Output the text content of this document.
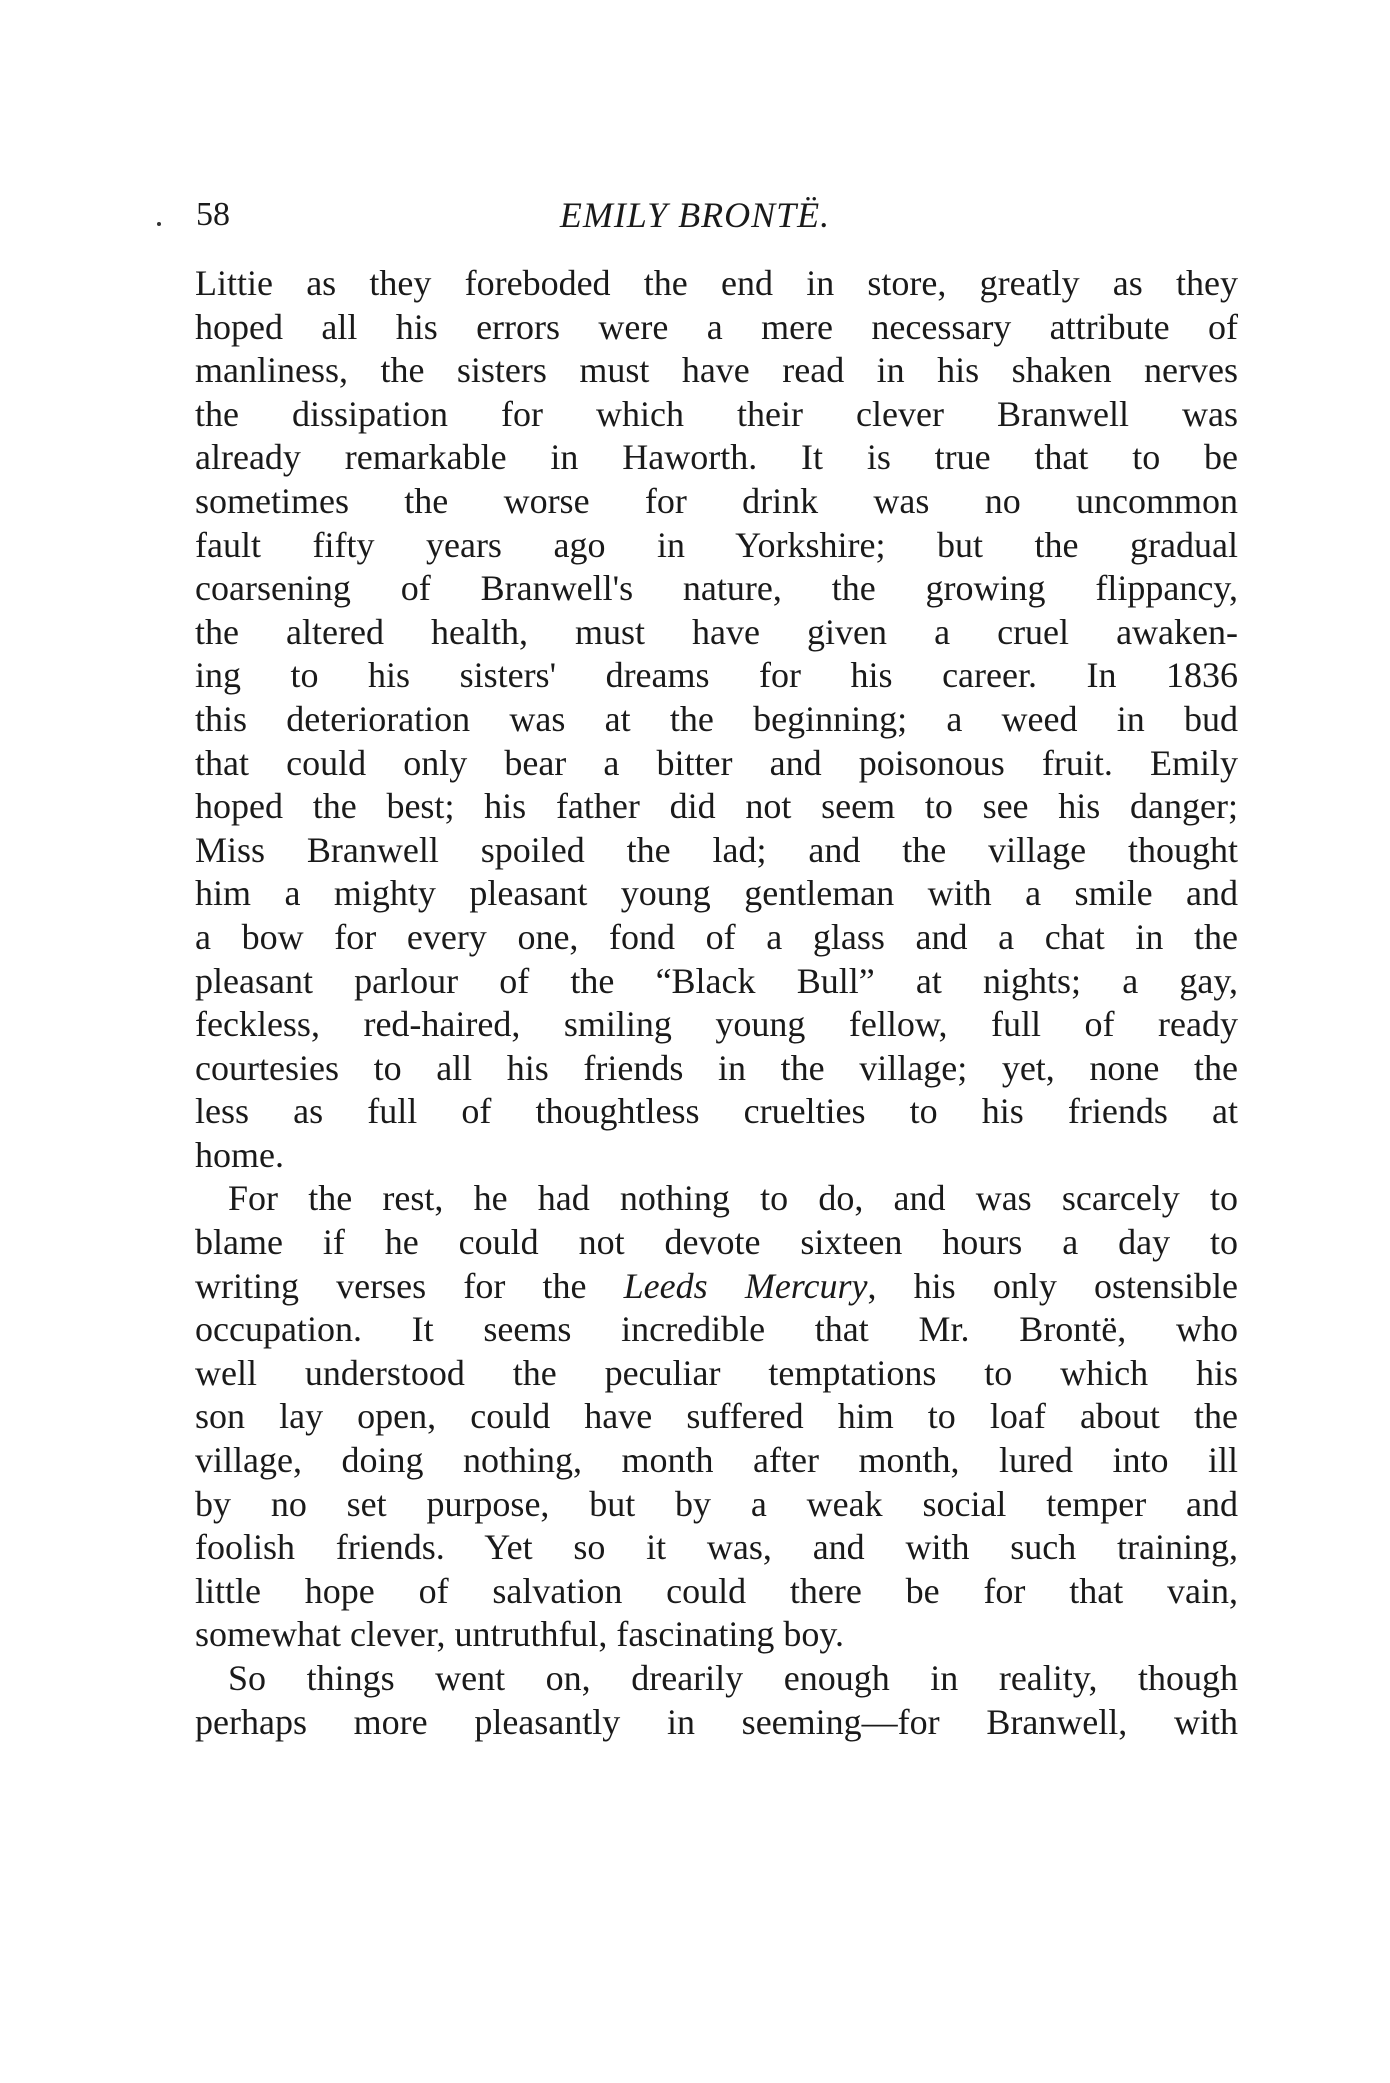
58	EMILY BRONTË.
Littie as they foreboded the end in store, greatly as they
hoped all his errors were a mere necessary attribute of
manliness, the sisters must have read in his shaken nerves
the dissipation for which their clever Branwell was
already remarkable in Haworth. It is true that to be
sometimes the worse for drink was no uncommon
fault fifty years ago in Yorkshire; but the gradual
coarsening of Branwell's nature, the growing flippancy,
the altered health, must have given a cruel awaken-
ing to his sisters' dreams for his career. In 1836
this deterioration was at the beginning; a weed in bud
that could only bear a bitter and poisonous fruit. Emily
hoped the best; his father did not seem to see his danger;
Miss Branwell spoiled the lad; and the village thought
him a mighty pleasant young gentleman with a smile and
a bow for every one, fond of a glass and a chat in the
pleasant parlour of the “Black Bull” at nights; a gay,
feckless, red-haired, smiling young fellow, full of ready
courtesies to all his friends in the village; yet, none the
less as full of thoughtless cruelties to his friends at
home.
For the rest, he had nothing to do, and was scarcely to
blame if he could not devote sixteen hours a day to
writing verses for the Leeds Mercury, his only ostensible
occupation. It seems incredible that Mr. Brontë, who
well understood the peculiar temptations to which his
son lay open, could have suffered him to loaf about the
village, doing nothing, month after month, lured into ill
by no set purpose, but by a weak social temper and
foolish friends. Yet so it was, and with such training,
little hope of salvation could there be for that vain,
somewhat clever, untruthful, fascinating boy.
So things went on, drearily enough in reality, though
perhaps more pleasantly in seeming—for Branwell, with
